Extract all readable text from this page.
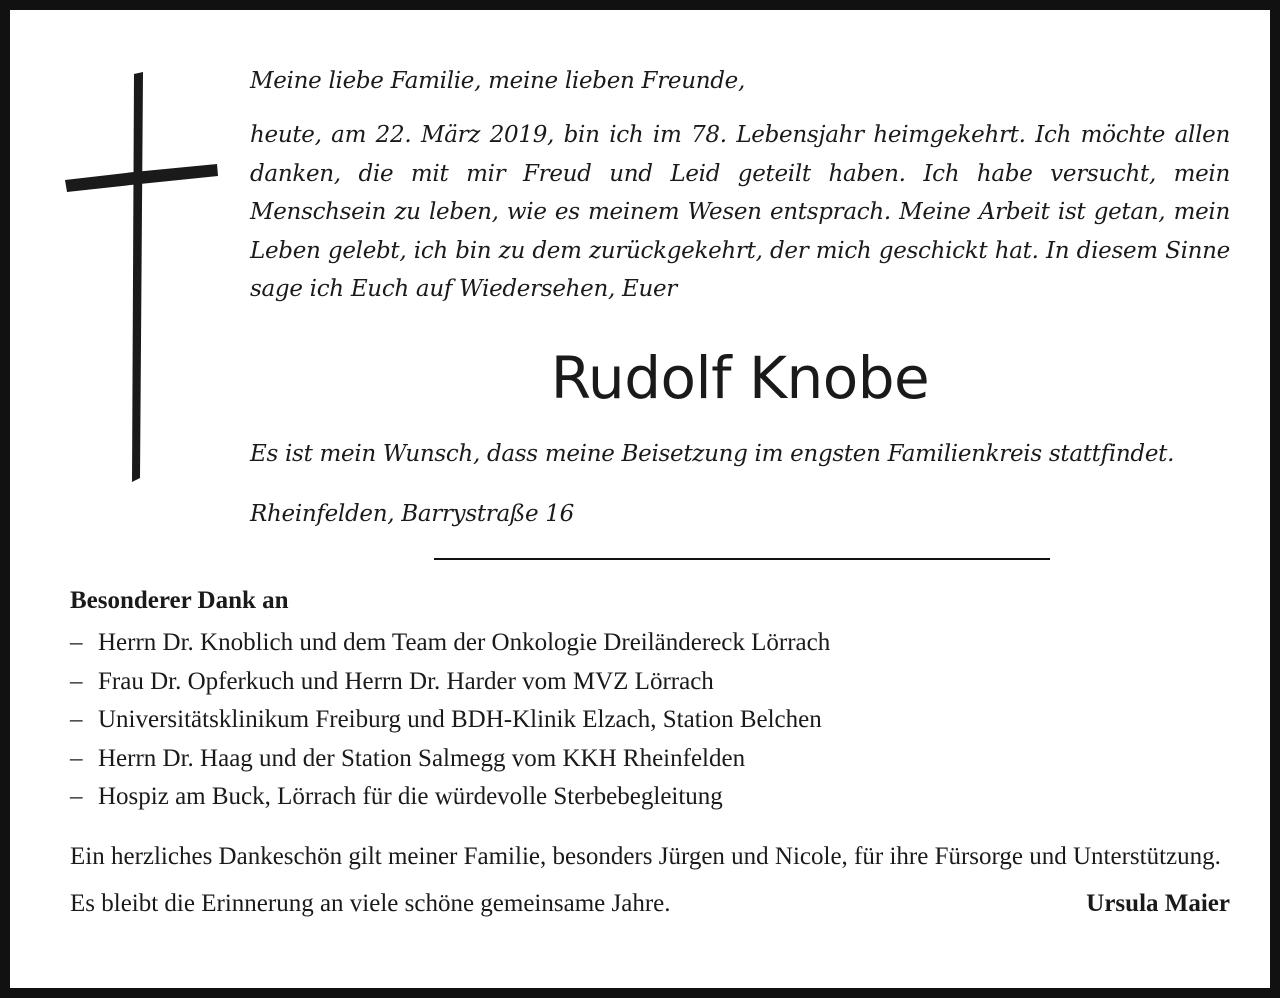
Meine liebe Familie, meine lieben Freunde,

heute, am 22. März 2019, bin ich im 78. Lebensjahr heimgekehrt. Ich möchte allen danken, die mit mir Freud und Leid geteilt haben. Ich habe versucht, mein Menschsein zu leben, wie es meinem Wesen entsprach. Meine Arbeit ist getan, mein Leben gelebt, ich bin zu dem zurückgekehrt, der mich geschickt hat. In diesem Sinne sage ich Euch auf Wiedersehen, Euer

Rudolf Knobe
Es ist mein Wunsch, dass meine Beisetzung im engsten Familienkreis stattfindet.
Rheinfelden, Barrystraße 16

Besonderer Dank an

– Herrn Dr. Knoblich und dem Team der Onkologie Dreiländereck Lörrach
– Frau Dr. Opferkuch und Herrn Dr. Harder vom MVZ Lörrach
– Universitätsklinikum Freiburg und BDH-Klinik Elzach, Station Belchen
– Herrn Dr. Haag und der Station Salmegg vom KKH Rheinfelden
– Hospiz am Buck, Lörrach für die würdevolle Sterbebegleitung

Ein herzliches Dankeschön gilt meiner Familie, besonders Jürgen und Nicole, für ihre Fürsorge und Unterstützung.

Es bleibt die Erinnerung an viele schöne gemeinsame Jahre.	Ursula Maier
